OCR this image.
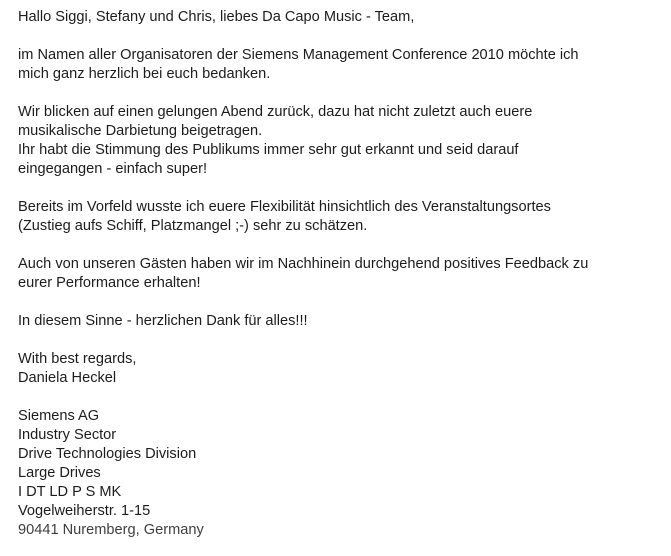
Hallo Siggi, Stefany und Chris, liebes Da Capo Music - Team,
im Namen aller Organisatoren der Siemens Management Conference 2010 möchte ich
mich ganz herzlich bei euch bedanken.
Wir blicken auf einen gelungen Abend zurück, dazu hat nicht zuletzt auch euere
musikalische Darbietung beigetragen.
Ihr habt die Stimmung des Publikums immer sehr gut erkannt und seid darauf
eingegangen - einfach super!
Bereits im Vorfeld wusste ich euere Flexibilität hinsichtlich des Veranstaltungsortes
(Zustieg aufs Schiff, Platzmangel ;-) sehr zu schätzen.
Auch von unseren Gästen haben wir im Nachhinein durchgehend positives Feedback zu
eurer Performance erhalten!
In diesem Sinne - herzlichen Dank für alles!!!
With best regards,
Daniela Heckel
Siemens AG
Industry Sector
Drive Technologies Division
Large Drives
I DT LD P S MK
Vogelweiherstr. 1-15
90441 Nuremberg, Germany
